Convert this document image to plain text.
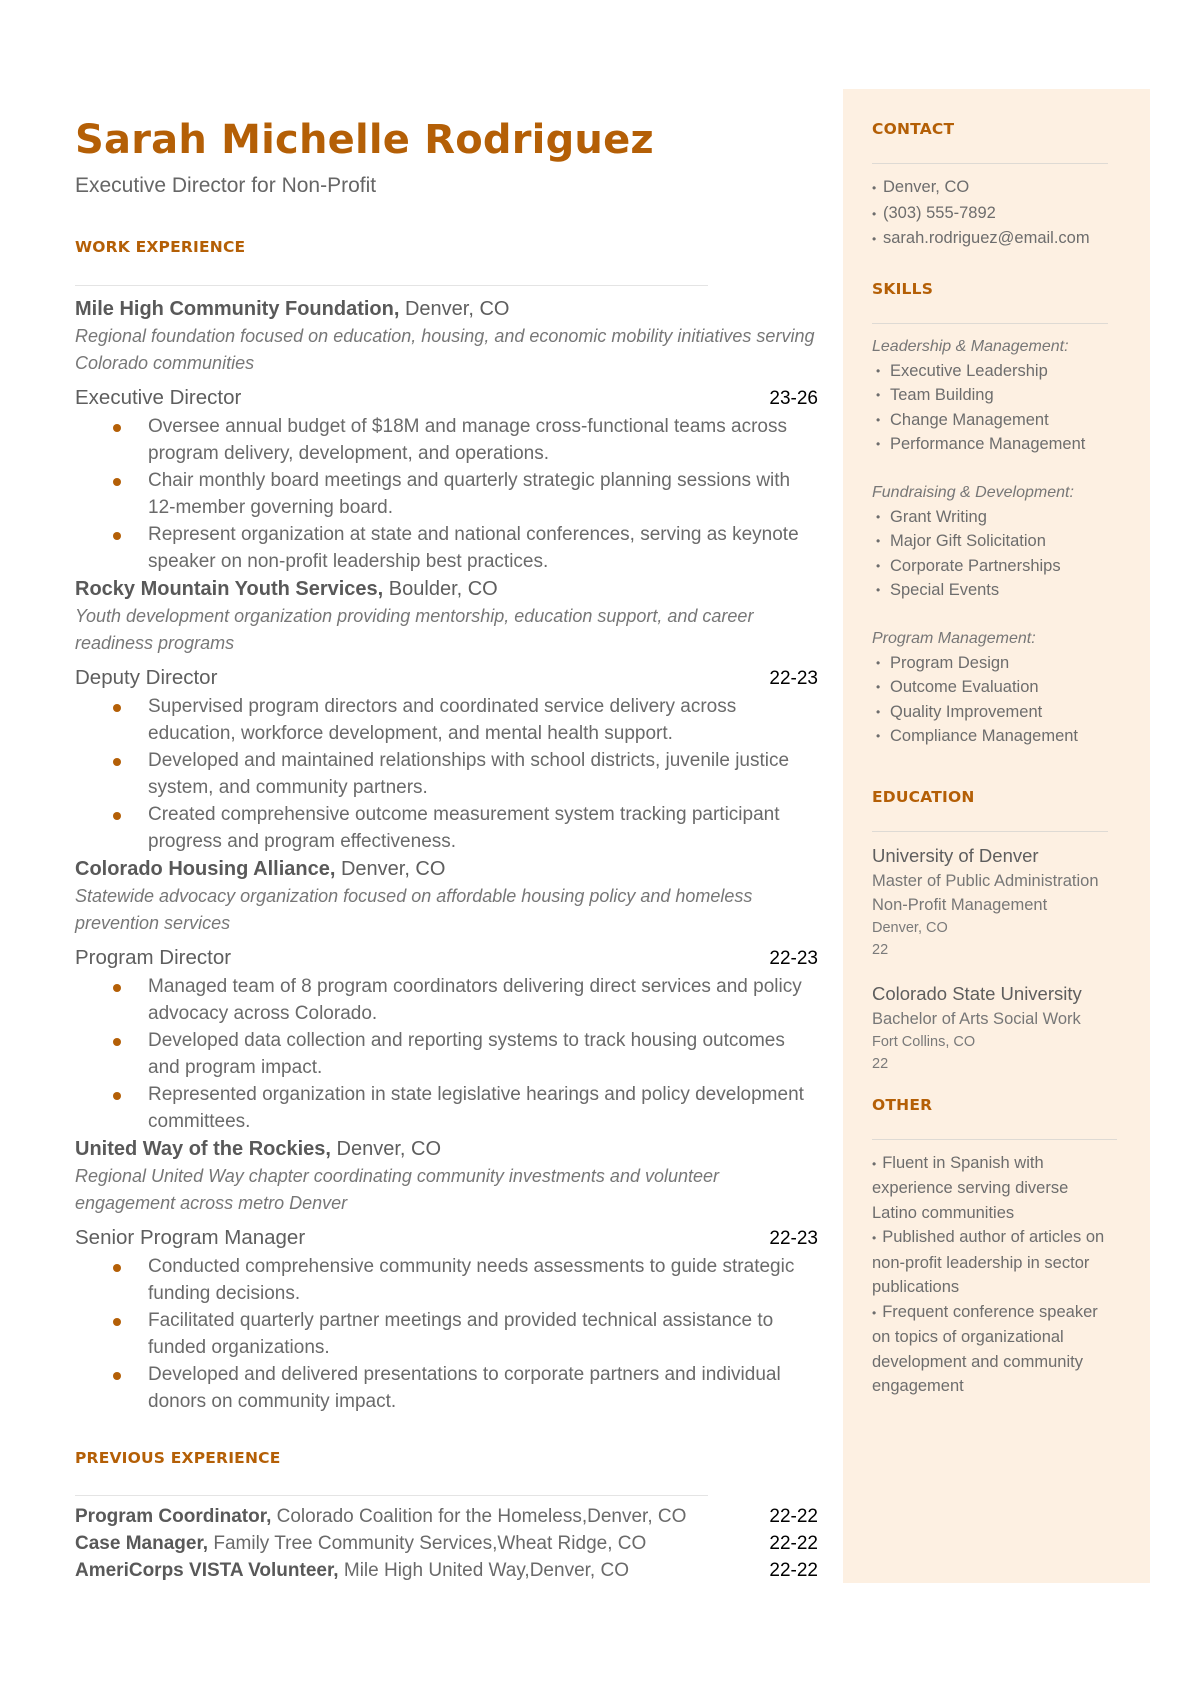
Sarah Michelle Rodriguez
Executive Director for Non-Profit
WORK EXPERIENCE
Mile High Community Foundation, Denver, CO
Regional foundation focused on education, housing, and economic mobility initiatives serving Colorado communities
Executive Director	23-26
Oversee annual budget of $18M and manage cross-functional teams across program delivery, development, and operations.
Chair monthly board meetings and quarterly strategic planning sessions with 12-member governing board.
Represent organization at state and national conferences, serving as keynote speaker on non-profit leadership best practices.
Rocky Mountain Youth Services, Boulder, CO
Youth development organization providing mentorship, education support, and career readiness programs
Deputy Director	22-23
Supervised program directors and coordinated service delivery across education, workforce development, and mental health support.
Developed and maintained relationships with school districts, juvenile justice system, and community partners.
Created comprehensive outcome measurement system tracking participant progress and program effectiveness.
Colorado Housing Alliance, Denver, CO
Statewide advocacy organization focused on affordable housing policy and homeless prevention services
Program Director	22-23
Managed team of 8 program coordinators delivering direct services and policy advocacy across Colorado.
Developed data collection and reporting systems to track housing outcomes and program impact.
Represented organization in state legislative hearings and policy development committees.
United Way of the Rockies, Denver, CO
Regional United Way chapter coordinating community investments and volunteer engagement across metro Denver
Senior Program Manager	22-23
Conducted comprehensive community needs assessments to guide strategic funding decisions.
Facilitated quarterly partner meetings and provided technical assistance to funded organizations.
Developed and delivered presentations to corporate partners and individual donors on community impact.
PREVIOUS EXPERIENCE
Program Coordinator, Colorado Coalition for the Homeless,Denver, CO	22-22
Case Manager, Family Tree Community Services,Wheat Ridge, CO	22-22
AmeriCorps VISTA Volunteer, Mile High United Way,Denver, CO	22-22
CONTACT
• Denver, CO
• (303) 555-7892
• sarah.rodriguez@email.com
SKILLS
Leadership & Management:
• Executive Leadership
• Team Building
• Change Management
• Performance Management
Fundraising & Development:
• Grant Writing
• Major Gift Solicitation
• Corporate Partnerships
• Special Events
Program Management:
• Program Design
• Outcome Evaluation
• Quality Improvement
• Compliance Management
EDUCATION
University of Denver
Master of Public Administration
Non-Profit Management
Denver, CO
22
Colorado State University
Bachelor of Arts Social Work
Fort Collins, CO
22
OTHER
• Fluent in Spanish with experience serving diverse Latino communities
• Published author of articles on non-profit leadership in sector publications
• Frequent conference speaker on topics of organizational development and community engagement
